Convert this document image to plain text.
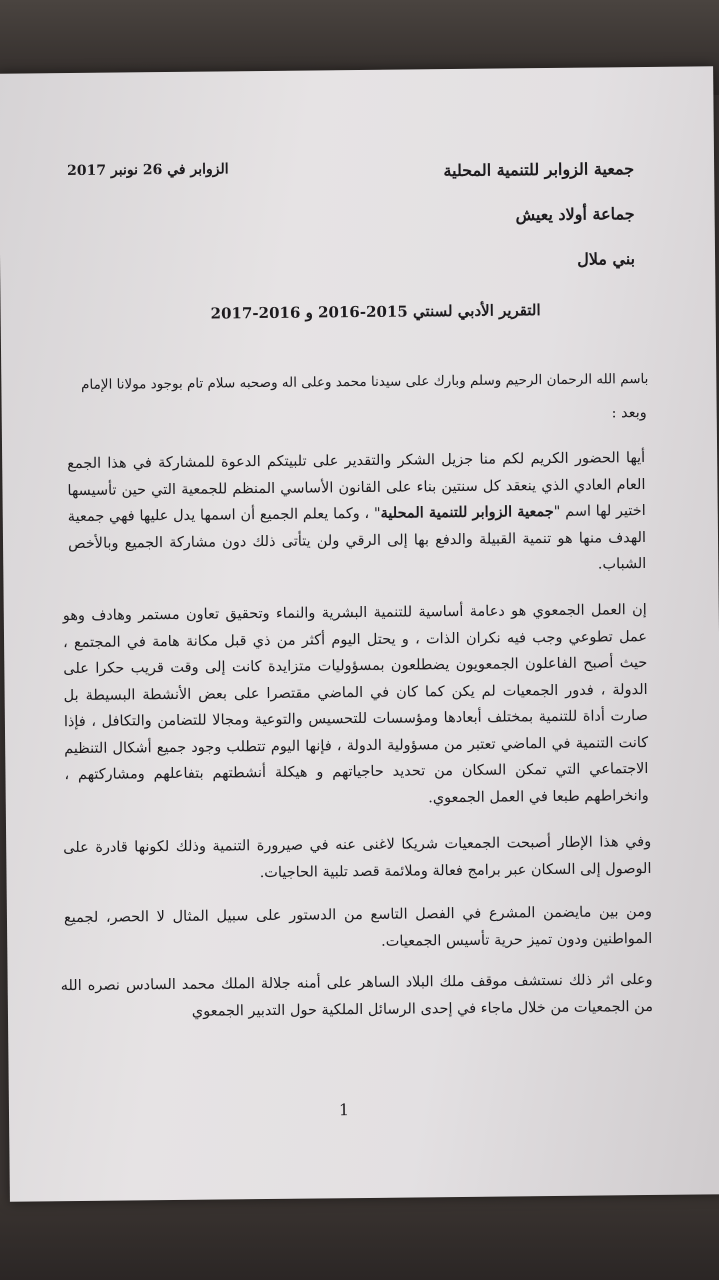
الزوابر في 26 نونبر 2017	جمعية الزوابر للتنمية المحلية
جماعة أولاد يعيش
بني ملال
التقرير الأدبي لسنتي 2015-2016 و 2016-2017
باسم الله الرحمان الرحيم وسلم وبارك على سيدنا محمد وعلى اله وصحبه سلام تام بوجود مولانا الإمام
وبعد :

أيها الحضور الكريم لكم منا جزيل الشكر والتقدير على تلبيتكم الدعوة للمشاركة في هذا الجمع العام العادي الذي ينعقد كل سنتين بناء على القانون الأساسي المنظم للجمعية التي حين تأسيسها اختير لها اسم "جمعية الزوابر للتنمية المحلية" ، وكما يعلم الجميع أن اسمها يدل عليها فهي جمعية الهدف منها هو تنمية القبيلة والدفع بها إلى الرقي ولن يتأتى ذلك دون مشاركة الجميع وبالأخص الشباب.

إن العمل الجمعوي هو دعامة أساسية للتنمية البشرية والنماء وتحقيق تعاون مستمر وهادف وهو عمل تطوعي وجب فيه نكران الذات ، و يحتل اليوم أكثر من ذي قبل مكانة هامة في المجتمع ، حيث أصبح الفاعلون الجمعويون يضطلعون بمسؤوليات متزايدة كانت إلى وقت قريب حكرا على الدولة ، فدور الجمعيات لم يكن كما كان في الماضي مقتصرا على بعض الأنشطة البسيطة بل صارت أداة للتنمية بمختلف أبعادها ومؤسسات للتحسيس والتوعية ومجالا للتضامن والتكافل ، فإذا كانت التنمية في الماضي تعتبر من مسؤولية الدولة ، فإنها اليوم تتطلب وجود جميع أشكال التنظيم الاجتماعي التي تمكن السكان من تحديد حاجياتهم و هيكلة أنشطتهم بتفاعلهم ومشاركتهم ، وانخراطهم طبعا في العمل الجمعوي.

وفي هذا الإطار أصبحت الجمعيات شريكا لاغنى عنه في صيرورة التنمية وذلك لكونها قادرة على الوصول إلى السكان عبر برامج فعالة وملائمة قصد تلبية الحاجيات.

ومن بين مايضمن المشرع في الفصل التاسع من الدستور على سبيل المثال لا الحصر، لجميع المواطنين ودون تميز حرية تأسيس الجمعيات.

وعلى اثر ذلك نستشف موقف ملك البلاد الساهر على أمنه جلالة الملك محمد السادس نصره الله من الجمعيات من خلال ماجاء في إحدى الرسائل الملكية حول التدبير الجمعوي

1
